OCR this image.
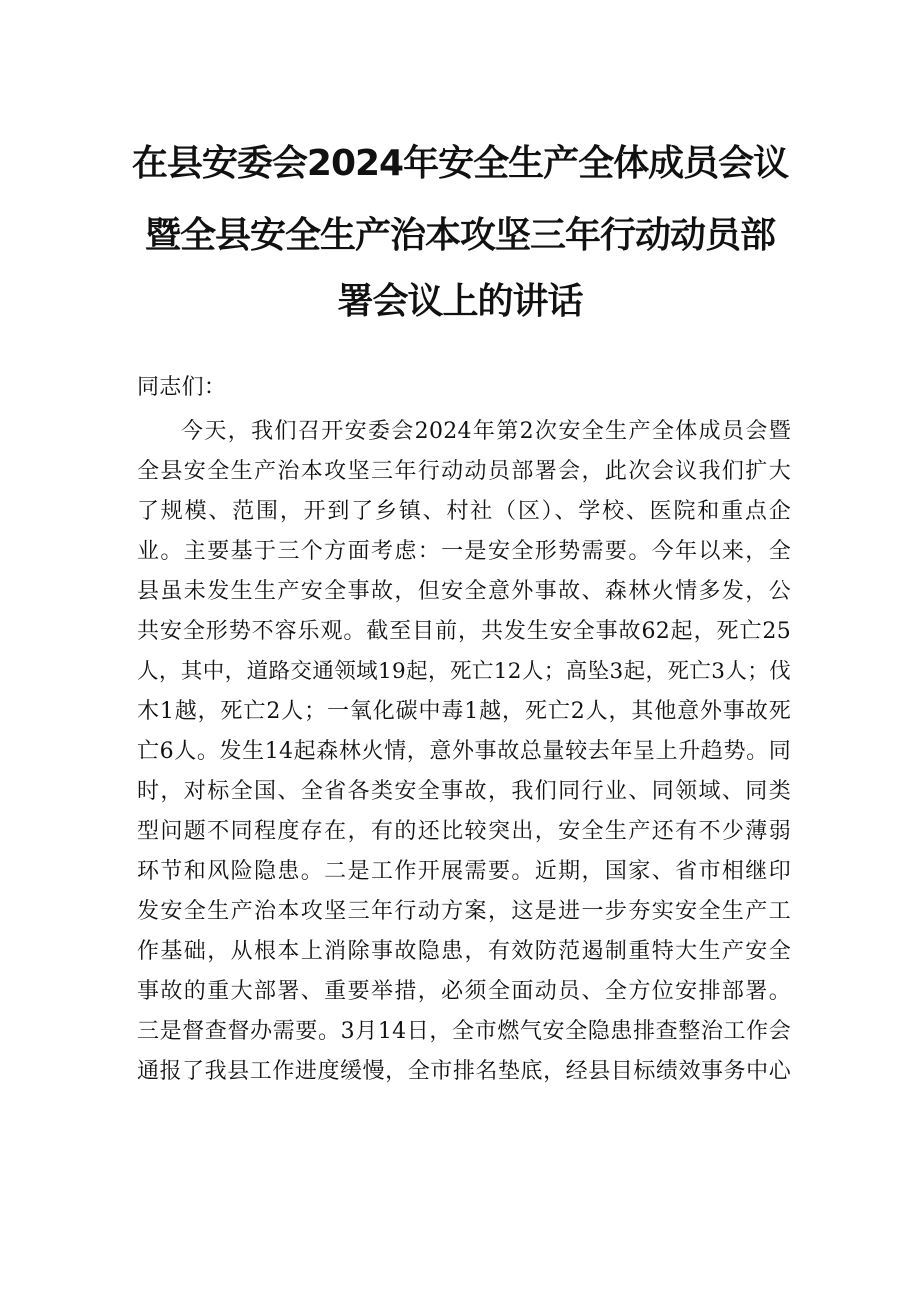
在县安委会2024年安全生产全体成员会议
暨全县安全生产治本攻坚三年行动动员部
署会议上的讲话
同志们：
今天，我们召开安委会2024年第2次安全生产全体成员会暨
全县安全生产治本攻坚三年行动动员部署会，此次会议我们扩大
了规模、范围，开到了乡镇、村社（区）、学校、医院和重点企
业。主要基于三个方面考虑：一是安全形势需要。今年以来，全
县虽未发生生产安全事故，但安全意外事故、森林火情多发，公
共安全形势不容乐观。截至目前，共发生安全事故62起，死亡25
人，其中，道路交通领域19起，死亡12人；高坠3起，死亡3人；伐
木1越，死亡2人；一氧化碳中毒1越，死亡2人，其他意外事故死
亡6人。发生14起森林火情，意外事故总量较去年呈上升趋势。同
时，对标全国、全省各类安全事故，我们同行业、同领域、同类
型问题不同程度存在，有的还比较突出，安全生产还有不少薄弱
环节和风险隐患。二是工作开展需要。近期，国家、省市相继印
发安全生产治本攻坚三年行动方案，这是进一步夯实安全生产工
作基础，从根本上消除事故隐患，有效防范遏制重特大生产安全
事故的重大部署、重要举措，必须全面动员、全方位安排部署。
三是督查督办需要。3月14日，全市燃气安全隐患排查整治工作会
通报了我县工作进度缓慢，全市排名垫底，经县目标绩效事务中心
